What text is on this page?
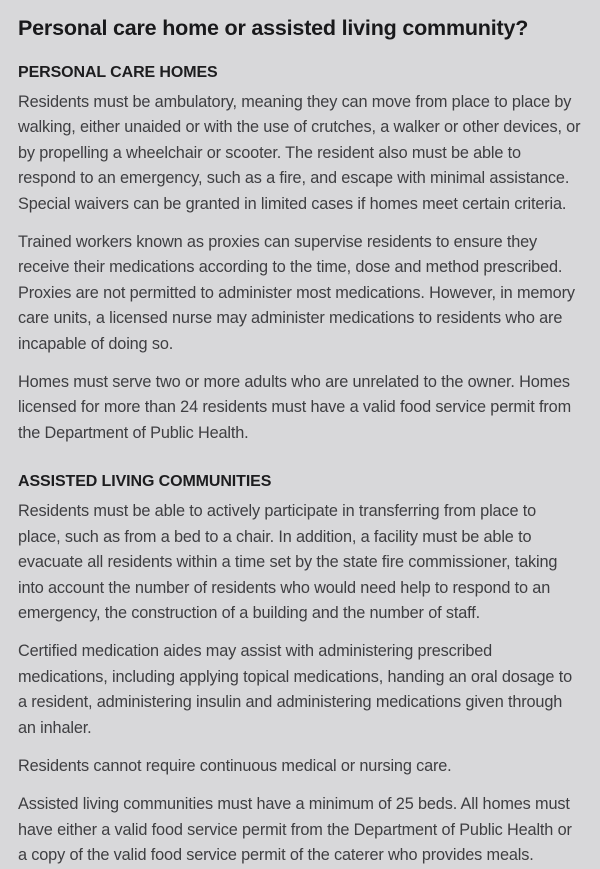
Personal care home or assisted living community?
PERSONAL CARE HOMES

Residents must be ambulatory, meaning they can move from place to place by walking, either unaided or with the use of crutches, a walker or other devices, or by propelling a wheelchair or scooter. The resident also must be able to respond to an emergency, such as a fire, and escape with minimal assistance. Special waivers can be granted in limited cases if homes meet certain criteria.

Trained workers known as proxies can supervise residents to ensure they receive their medications according to the time, dose and method prescribed. Proxies are not permitted to administer most medications. However, in memory care units, a licensed nurse may administer medications to residents who are incapable of doing so.

Homes must serve two or more adults who are unrelated to the owner. Homes licensed for more than 24 residents must have a valid food service permit from the Department of Public Health.

ASSISTED LIVING COMMUNITIES

Residents must be able to actively participate in transferring from place to place, such as from a bed to a chair. In addition, a facility must be able to evacuate all residents within a time set by the state fire commissioner, taking into account the number of residents who would need help to respond to an emergency, the construction of a building and the number of staff.

Certified medication aides may assist with administering prescribed medications, including applying topical medications, handing an oral dosage to a resident, administering insulin and administering medications given through an inhaler.

Residents cannot require continuous medical or nursing care.

Assisted living communities must have a minimum of 25 beds. All homes must have either a valid food service permit from the Department of Public Health or a copy of the valid food service permit of the caterer who provides meals.
